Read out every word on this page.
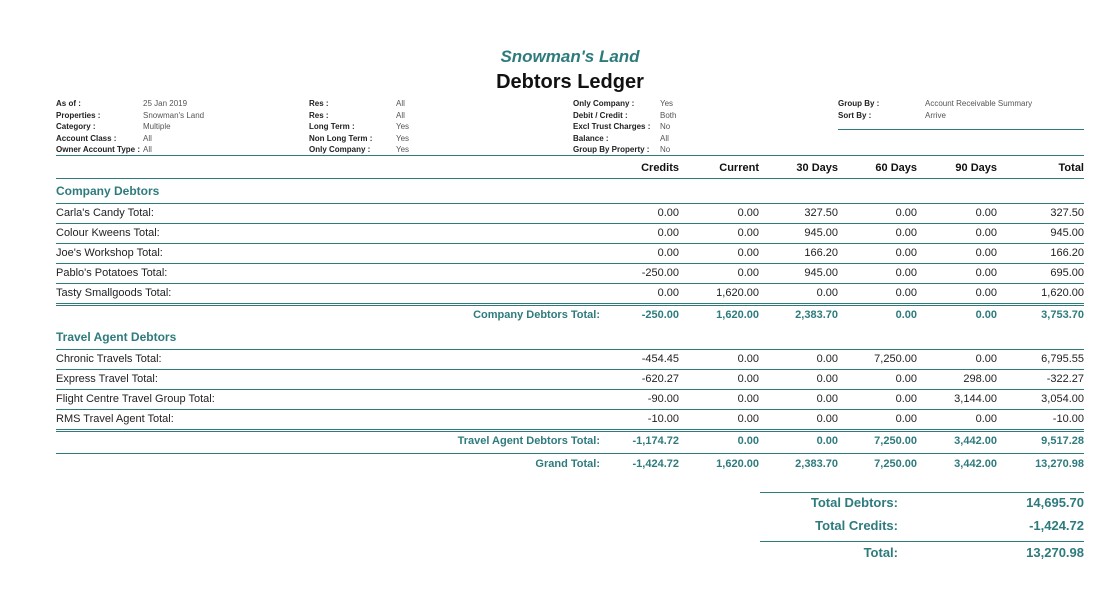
Snowman's Land
Debtors Ledger
As of :	25 Jan 2019
Properties :	Snowman's Land
Category :	Multiple
Account Class :	All
Owner Account Type : All
Res :	All
Res :	All
Long Term :	Yes
Non Long Term :	Yes
Only Company :	Yes
Only Company :	Yes
Debit / Credit :	Both
Excl Trust Charges : No
Balance :	All
Group By Property : No
Group By :	Account Receivable Summary
Sort By :	Arrive
Credits	Current	30 Days	60 Days	90 Days	Total
Company Debtors
Carla's Candy Total:	0.00	0.00	327.50	0.00	0.00	327.50
Colour Kweens Total:	0.00	0.00	945.00	0.00	0.00	945.00
Joe's Workshop Total:	0.00	0.00	166.20	0.00	0.00	166.20
Pablo's Potatoes Total:	-250.00	0.00	945.00	0.00	0.00	695.00
Tasty Smallgoods Total:	0.00	1,620.00	0.00	0.00	0.00	1,620.00
Company Debtors Total:	-250.00	1,620.00	2,383.70	0.00	0.00	3,753.70
Travel Agent Debtors
Chronic Travels Total:	-454.45	0.00	0.00	7,250.00	0.00	6,795.55
Express Travel Total:	-620.27	0.00	0.00	0.00	298.00	-322.27
Flight Centre Travel Group Total:	-90.00	0.00	0.00	0.00	3,144.00	3,054.00
RMS Travel Agent Total:	-10.00	0.00	0.00	0.00	0.00	-10.00
Travel Agent Debtors Total:	-1,174.72	0.00	0.00	7,250.00	3,442.00	9,517.28
Grand Total:	-1,424.72	1,620.00	2,383.70	7,250.00	3,442.00	13,270.98
Total Debtors:	14,695.70
Total Credits:	-1,424.72
Total:	13,270.98
